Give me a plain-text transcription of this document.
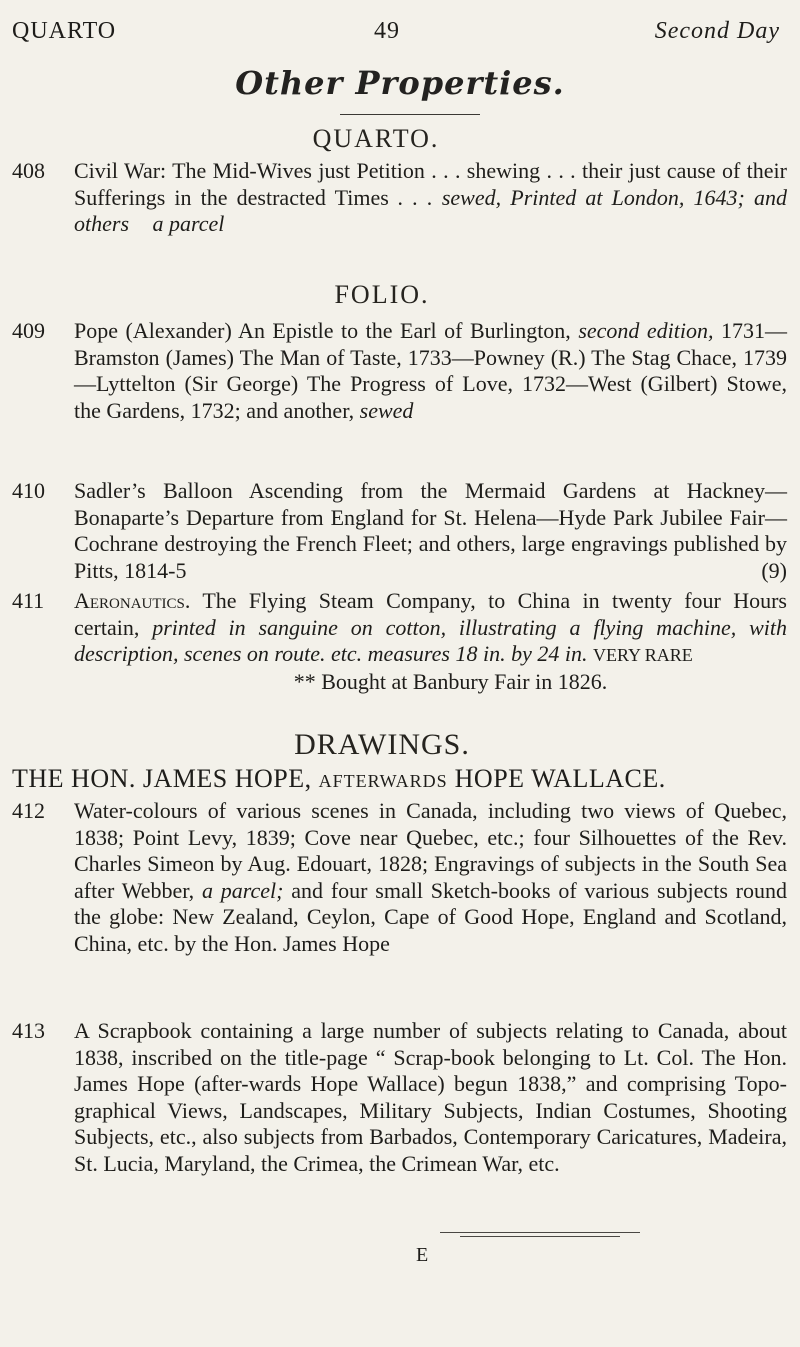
QUARTO	49	Second Day
Other Properties.
QUARTO.
408	Civil War: The Mid-Wives just Petition . . . shewing . . . their just cause of their Sufferings in the destracted Times . . . sewed, Printed at London, 1643; and others a parcel
FOLIO.
409	Pope (Alexander) An Epistle to the Earl of Burlington, second edition, 1731—Bramston (James) The Man of Taste, 1733—Powney (R.) The Stag Chace, 1739—Lyttelton (Sir George) The Progress of Love, 1732—West (Gilbert) Stowe, the Gardens, 1732; and another, sewed
410	Sadler’s Balloon Ascending from the Mermaid Gardens at Hackney—Bonaparte’s Departure from England for St. Helena—Hyde Park Jubilee Fair—Cochrane destroying the French Fleet; and others, large engravings published by Pitts, 1814-5	(9)
411	Aeronautics. The Flying Steam Company, to China in twenty four Hours certain, printed in sanguine on cotton, illustrating a flying machine, with description, scenes on route. etc. measures 18 in. by 24 in. VERY RARE
** Bought at Banbury Fair in 1826.
DRAWINGS.
THE HON. JAMES HOPE, AFTERWARDS HOPE WALLACE.
412	Water-colours of various scenes in Canada, including two views of Quebec, 1838; Point Levy, 1839; Cove near Quebec, etc.; four Silhouettes of the Rev. Charles Simeon by Aug. Edouart, 1828; Engravings of subjects in the South Sea after Webber, a parcel; and four small Sketch-books of various subjects round the globe: New Zealand, Ceylon, Cape of Good Hope, England and Scotland, China, etc. by the Hon. James Hope
413	A Scrapbook containing a large number of subjects relating to Canada, about 1838, inscribed on the title-page “ Scrap-book belonging to Lt. Col. The Hon. James Hope (after-wards Hope Wallace) begun 1838,” and comprising Topo-graphical Views, Landscapes, Military Subjects, Indian Costumes, Shooting Subjects, etc., also subjects from Barbados, Contemporary Caricatures, Madeira, St. Lucia, Maryland, the Crimea, the Crimean War, etc.
E
